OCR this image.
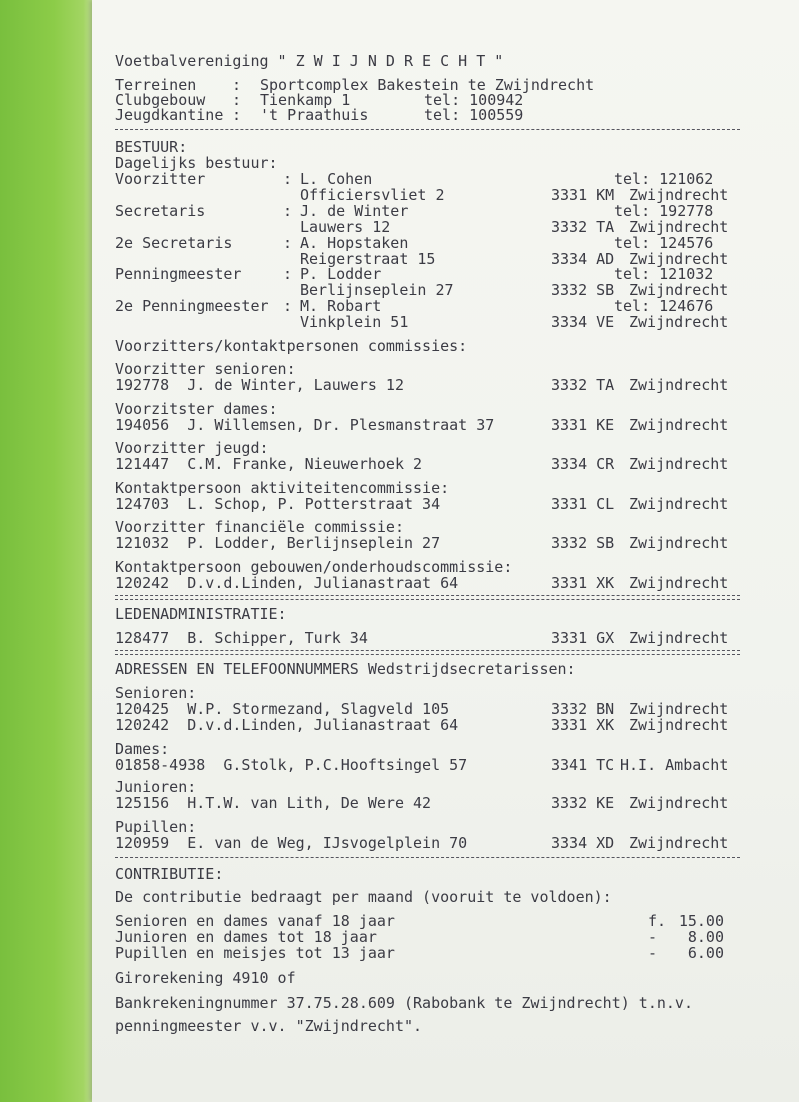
Voetbalvereniging " Z W I J N D R E C H T "
Terreinen : Sportcomplex Bakestein te Zwijndrecht
Clubgebouw : Tienkamp 1	tel: 100942
Jeugdkantine : 't Praathuis	tel: 100559
BESTUUR:
Dagelijks bestuur:
Voorzitter	: L. Cohen	tel: 121062
Officiersvliet 2	3331 KM Zwijndrecht
Secretaris	: J. de Winter	tel: 192778
Lauwers 12	3332 TA Zwijndrecht
2e Secretaris	: A. Hopstaken	tel: 124576
Reigerstraat 15	3334 AD Zwijndrecht
Penningmeester	: P. Lodder	tel: 121032
Berlijnseplein 27	3332 SB Zwijndrecht
2e Penningmeester : M. Robart	tel: 124676
Vinkplein 51	3334 VE Zwijndrecht
Voorzitters/kontaktpersonen commissies:
Voorzitter senioren:
192778  J. de Winter, Lauwers 12	3332 TA Zwijndrecht
Voorzitster dames:
194056  J. Willemsen, Dr. Plesmanstraat 37	3331 KE Zwijndrecht
Voorzitter jeugd:
121447  C.M. Franke, Nieuwerhoek 2	3334 CR Zwijndrecht
Kontaktpersoon aktiviteitencommissie:
124703  L. Schop, P. Potterstraat 34	3331 CL Zwijndrecht
Voorzitter financiële commissie:
121032  P. Lodder, Berlijnseplein 27	3332 SB Zwijndrecht
Kontaktpersoon gebouwen/onderhoudscommissie:
120242  D.v.d.Linden, Julianastraat 64	3331 XK Zwijndrecht
LEDENADMINISTRATIE:
128477  B. Schipper, Turk 34	3331 GX Zwijndrecht
ADRESSEN EN TELEFOONNUMMERS Wedstrijdsecretarissen:
Senioren:
120425  W.P. Stormezand, Slagveld 105	3332 BN Zwijndrecht
120242  D.v.d.Linden, Julianastraat 64	3331 XK Zwijndrecht
Dames:
01858-4938  G.Stolk, P.C.Hooftsingel 57	3341 TC H.I. Ambacht
Junioren:
125156  H.T.W. van Lith, De Were 42	3332 KE Zwijndrecht
Pupillen:
120959  E. van de Weg, IJsvogelplein 70	3334 XD Zwijndrecht
CONTRIBUTIE:
De contributie bedraagt per maand (vooruit te voldoen):
Senioren en dames vanaf 18 jaar	f. 15.00
Junioren en dames tot 18 jaar	-	8.00
Pupillen en meisjes tot 13 jaar	-	6.00
Girorekening 4910 of
Bankrekeningnummer 37.75.28.609 (Rabobank te Zwijndrecht) t.n.v.
penningmeester v.v. "Zwijndrecht".
